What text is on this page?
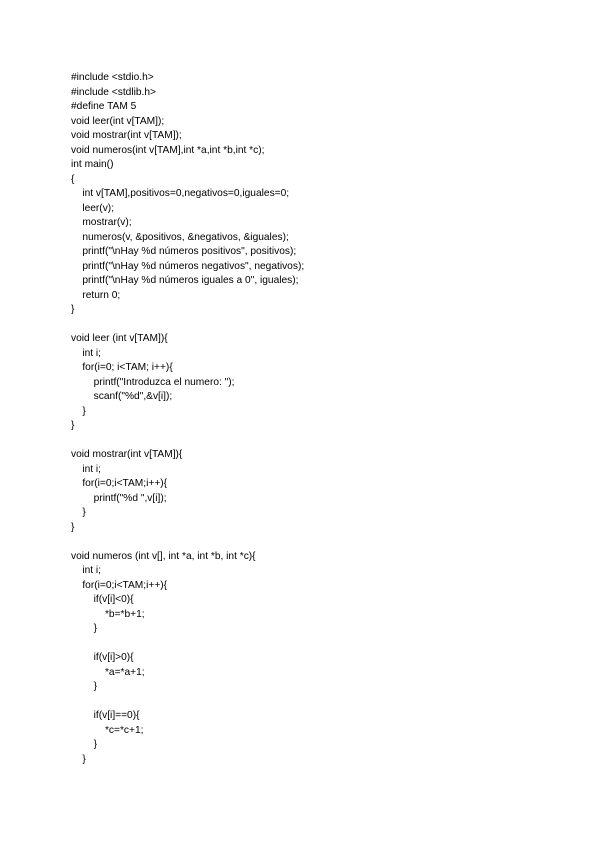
#include <stdio.h>
#include <stdlib.h>
#define TAM 5
void leer(int v[TAM]);
void mostrar(int v[TAM]);
void numeros(int v[TAM],int *a,int *b,int *c);
int main()
{
int v[TAM],positivos=0,negativos=0,iguales=0;
leer(v);
mostrar(v);
numeros(v, &positivos, &negativos, &iguales);
printf("\nHay %d números positivos", positivos);
printf("\nHay %d números negativos", negativos);
printf("\nHay %d números iguales a 0", iguales);
return 0;
}
void leer (int v[TAM]){
int i;
for(i=0; i<TAM; i++){
printf("Introduzca el numero: ");
scanf("%d",&v[i]);
}
}
void mostrar(int v[TAM]){
int i;
for(i=0;i<TAM;i++){
printf("%d ",v[i]);
}
}
void numeros (int v[], int *a, int *b, int *c){
int i;
for(i=0;i<TAM;i++){
if(v[i]<0){
*b=*b+1;
}
if(v[i]>0){
*a=*a+1;
}
if(v[i]==0){
*c=*c+1;
}
}
